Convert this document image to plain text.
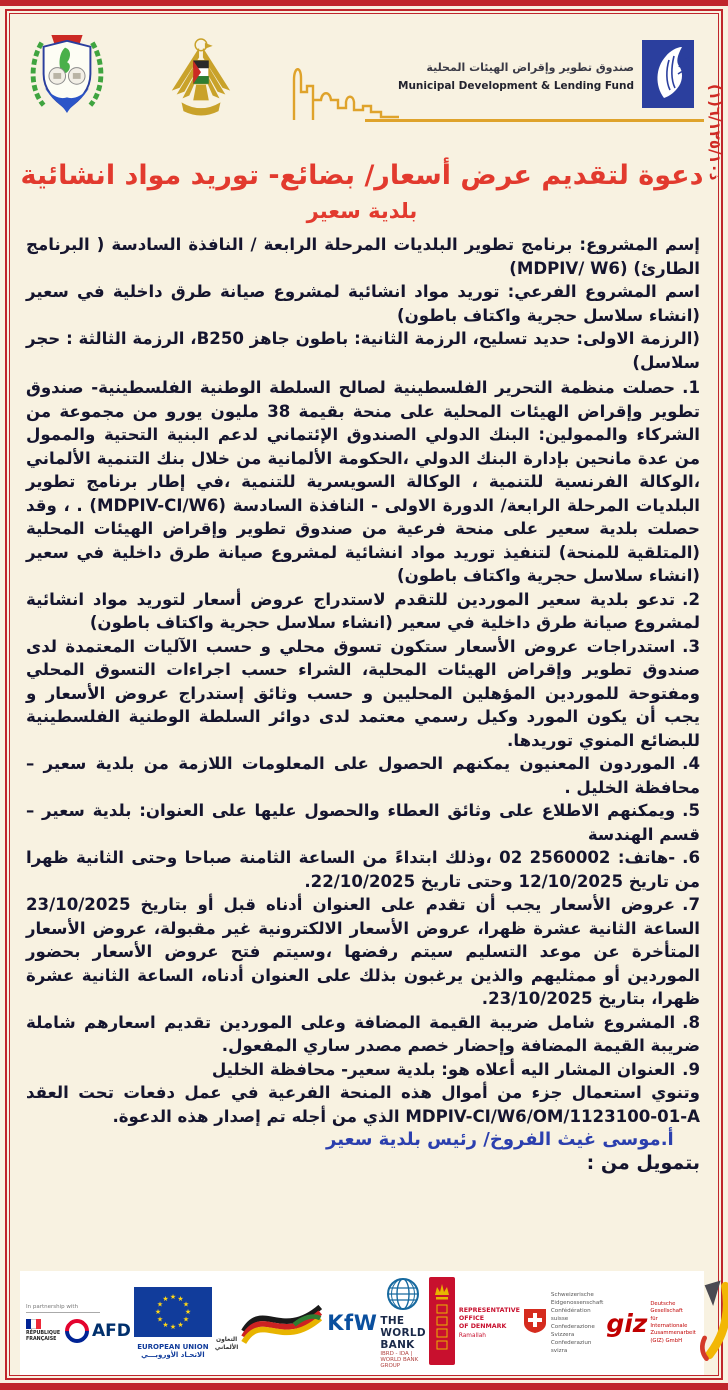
ذ٦/١٢٥/١٠(١)
صندوق تطوير وإقراض الهيئات المحلية
Municipal Development & Lending Fund
دعوة لتقديم عرض أسعار/ بضائع- توريد مواد انشائية
بلدية سعير

إسم المشروع: برنامج تطوير البلديات المرحلة الرابعة / النافذة السادسة ( البرنامج الطارئ) (MDPIV/ W6)

اسم المشروع الفرعي: توريد مواد انشائية لمشروع صيانة طرق داخلية في سعير (انشاء سلاسل حجرية واكتاف باطون)

(الرزمة الاولى: حديد تسليح، الرزمة الثانية: باطون جاهز B250، الرزمة الثالثة : حجر سلاسل)

1.حصلت منظمة التحرير الفلسطينية لصالح السلطة الوطنية الفلسطينية- صندوق تطوير وإقراض الهيئات المحلية على منحة بقيمة 38 مليون يورو من مجموعة من الشركاء والممولين: البنك الدولي الصندوق الإئتماني لدعم البنية التحتية والممول من عدة مانحين بإدارة البنك الدولي ،الحكومة الألمانية من خلال بنك التنمية الألماني ،الوكالة الفرنسية للتنمية ، الوكالة السويسرية للتنمية ،في إطار برنامج تطوير البلديات المرحلة الرابعة/ الدورة الاولى - النافذة السادسة (MDPIV-CI/W6) . ، وقد حصلت بلدية سعير على منحة فرعية من صندوق تطوير وإقراض الهيئات المحلية (المتلقية للمنحة) لتنفيذ توريد مواد انشائية لمشروع صيانة طرق داخلية في سعير (انشاء سلاسل حجرية واكتاف باطون)
2.تدعو بلدية سعير الموردين للتقدم لاستدراج عروض أسعار لتوريد مواد انشائية لمشروع صيانة طرق داخلية في سعير (انشاء سلاسل حجرية واكتاف باطون)
3.استدراجات عروض الأسعار ستكون تسوق محلي و حسب الآليات المعتمدة لدى صندوق تطوير وإقراض الهيئات المحلية، الشراء حسب اجراءات التسوق المحلي ومفتوحة للموردين المؤهلين المحليين و حسب وثائق إستدراج عروض الأسعار و يجب أن يكون المورد وكيل رسمي معتمد لدى دوائر السلطة الوطنية الفلسطينية للبضائع المنوي توريدها.
4.الموردون المعنيون يمكنهم الحصول على المعلومات اللازمة من بلدية سعير – محافظة الخليل .
5.ويمكنهم الاطلاع على وثائق العطاء والحصول عليها على العنوان: بلدية سعير – قسم الهندسة
6.-هاتف: 2560002 02 ،وذلك ابتداءً من الساعة الثامنة صباحا وحتى الثانية ظهرا من تاريخ 12/10/2025 وحتى تاريخ 22/10/2025.
7.عروض الأسعار يجب أن تقدم على العنوان أدناه قبل أو بتاريخ 23/10/2025 الساعة الثانية عشرة ظهرا، عروض الأسعار الالكترونية غير مقبولة، عروض الأسعار المتأخرة عن موعد التسليم سيتم رفضها ،وسيتم فتح عروض الأسعار بحضور الموردين أو ممثليهم والذين يرغبون بذلك على العنوان أدناه، الساعة الثانية عشرة ظهرا، بتاريخ 23/10/2025.
8.المشروع شامل ضريبة القيمة المضافة وعلى الموردين تقديم اسعارهم شاملة ضريبة القيمة المضافة وإحضار خصم مصدر ساري المفعول.
9.العنوان المشار اليه أعلاه هو: بلدية سعير- محافظة الخليل

وتنوي استعمال جزء من أموال هذه المنحة الفرعية في عمل دفعات تحت العقد MDPIV-CI/W6/OM/1123100-01-A الذي من أجله تم إصدار هذه الدعوة.

أ.موسى غيث الفروخ/ رئيس بلدية سعير

بتمويل من :

In partnership with
RÉPUBLIQUE FRANÇAISE AFD
★ ★
★
★
★
★
★
★
★
★
★
★
EUROPEAN UNION
الاتحـاد الأوروبـــي
التعاون الألماني
KfW THE WORLD BANK
IBRD - IDA | WORLD BANK GROUP
REPRESENTATIVE OFFICE
OF DENMARK
Ramallah
Schweizerische Eidgenossenschaft
Confédération suisse
Confederazione Svizzera
Confederaziun svizra
giz
Deutsche Gesellschaft
für Internationale
Zusammenarbeit (GIZ) GmbH
